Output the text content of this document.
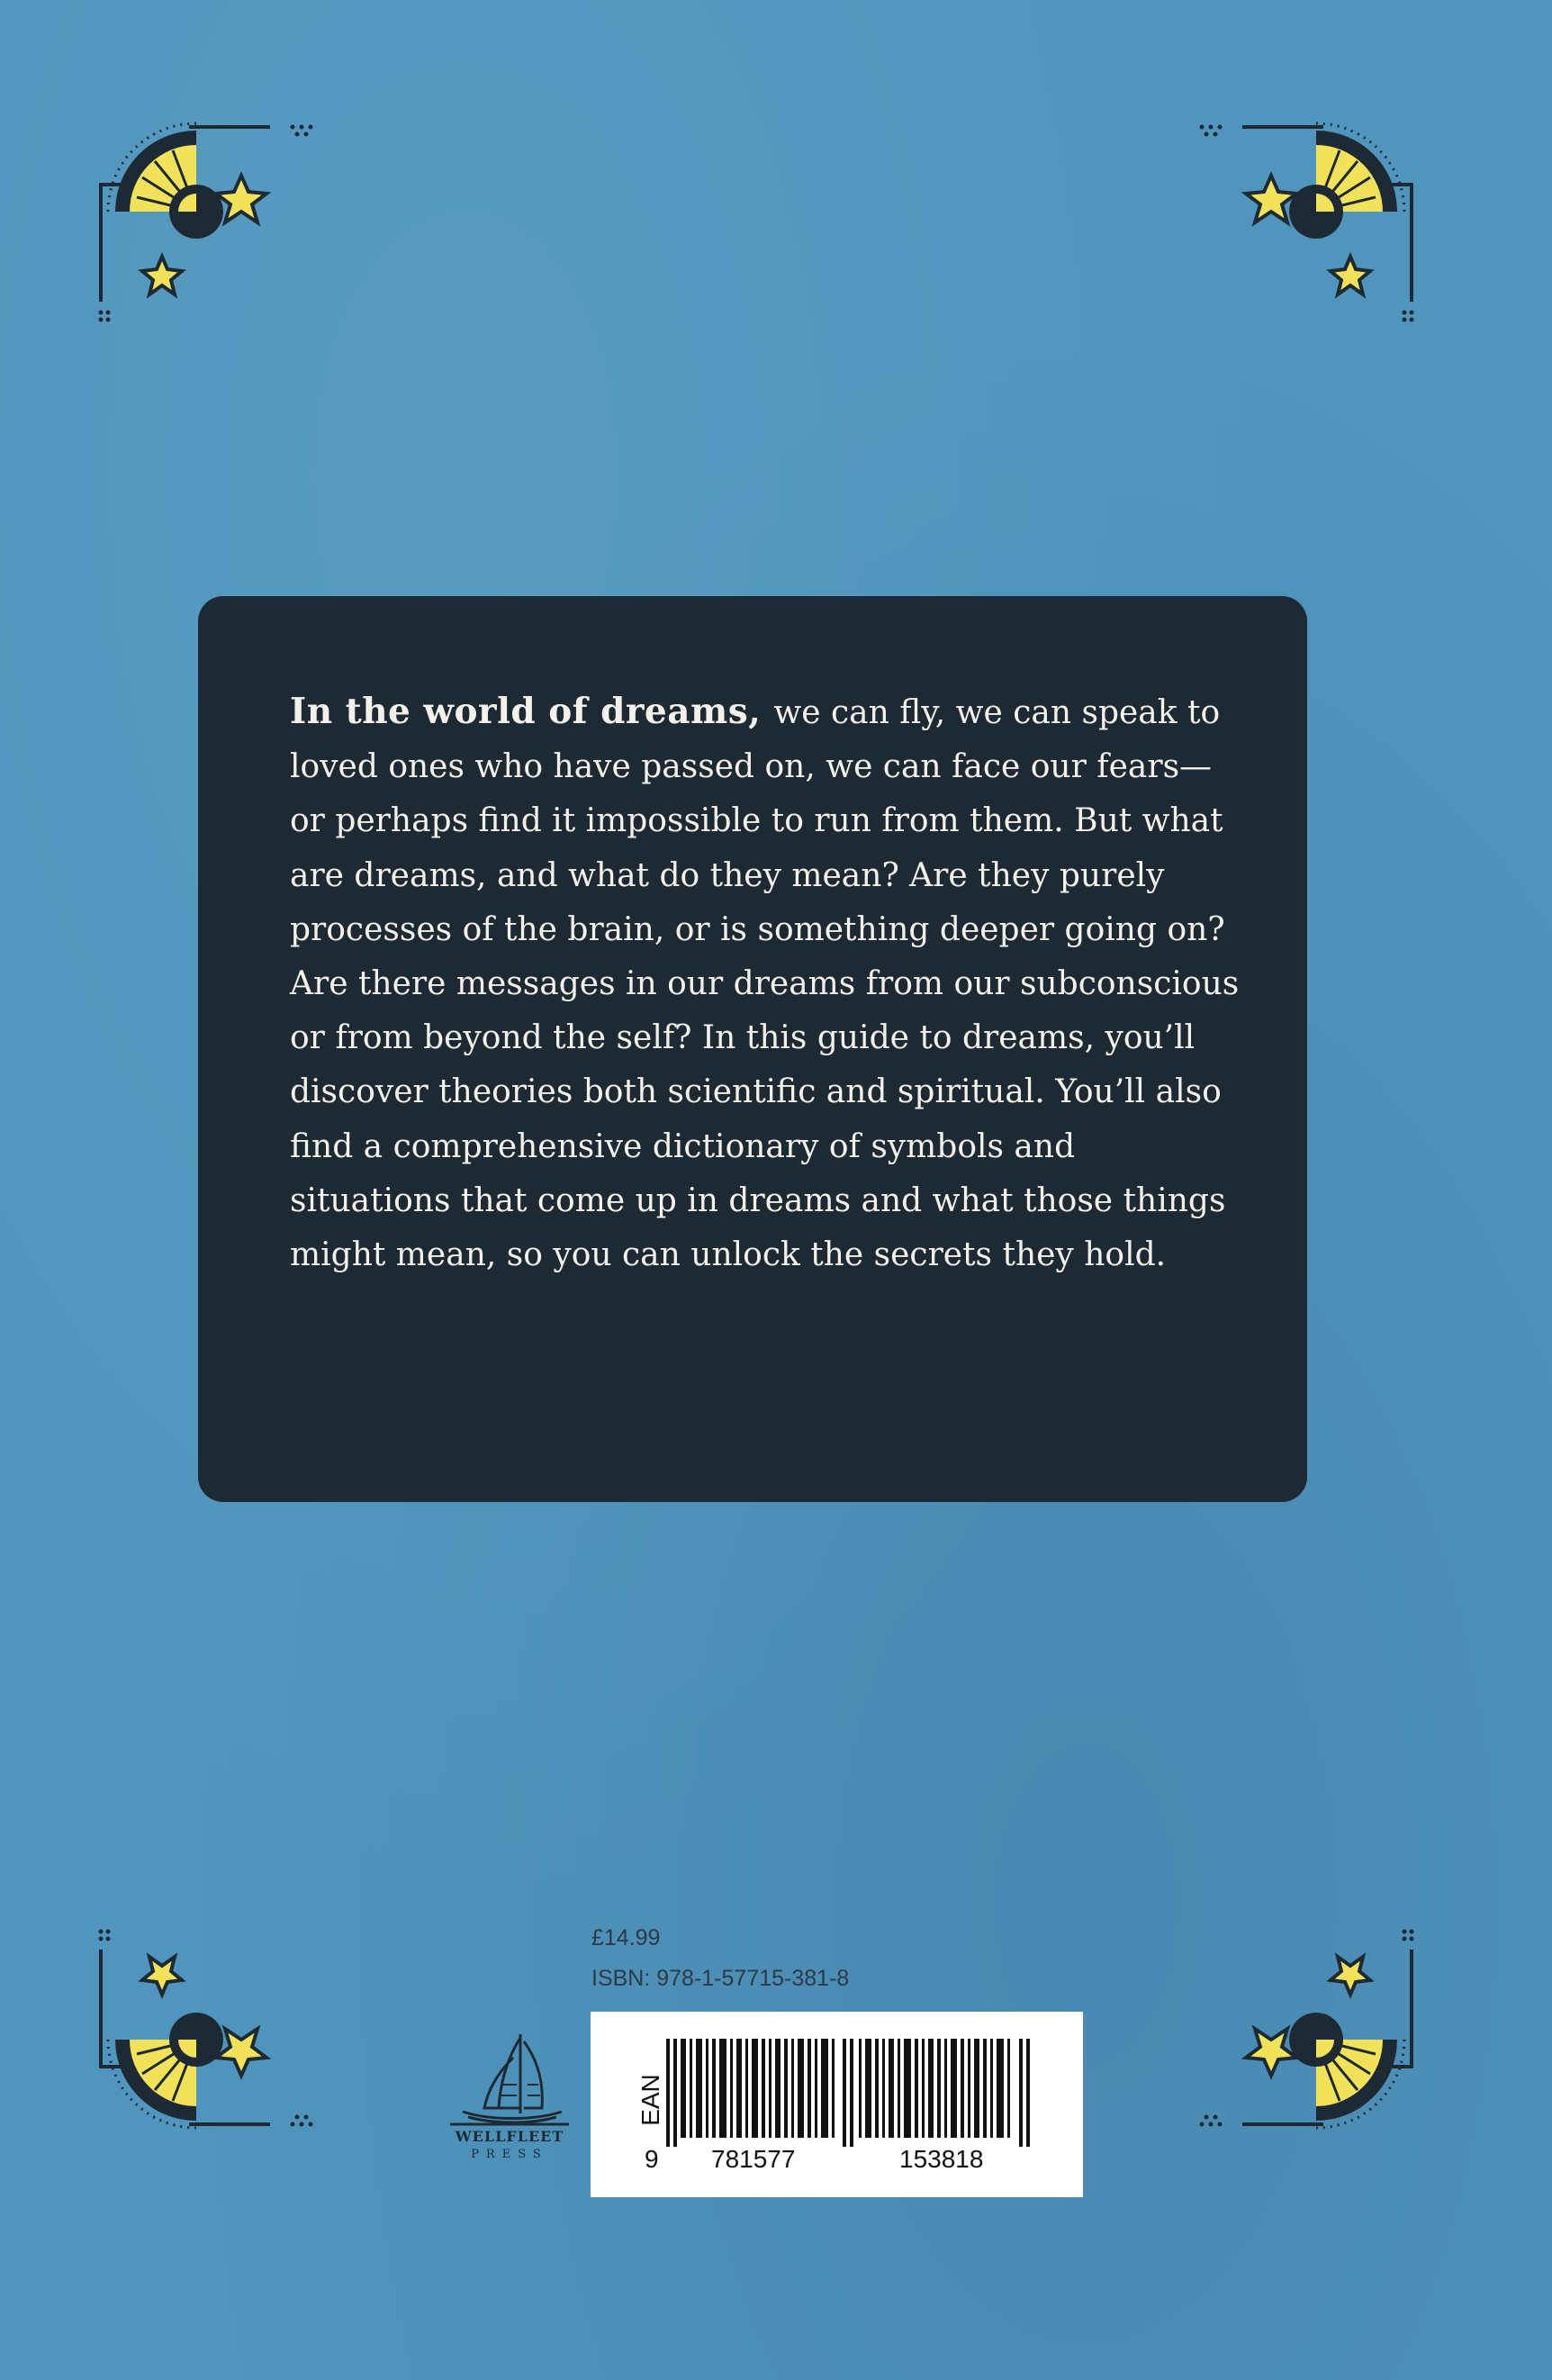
In the world of dreams, we can fly, we can speak to loved ones who have passed on, we can face our fears—or perhaps find it impossible to run from them. But what are dreams, and what do they mean? Are they purely processes of the brain, or is something deeper going on? Are there messages in our dreams from our subconscious or from beyond the self? In this guide to dreams, you’ll discover theories both scientific and spiritual. You’ll also find a comprehensive dictionary of symbols and situations that come up in dreams and what those things might mean, so you can unlock the secrets they hold.
£14.99
ISBN: 978-1-57715-381-8
WELLFLEET
PRESS
EAN
9 781577	153818
